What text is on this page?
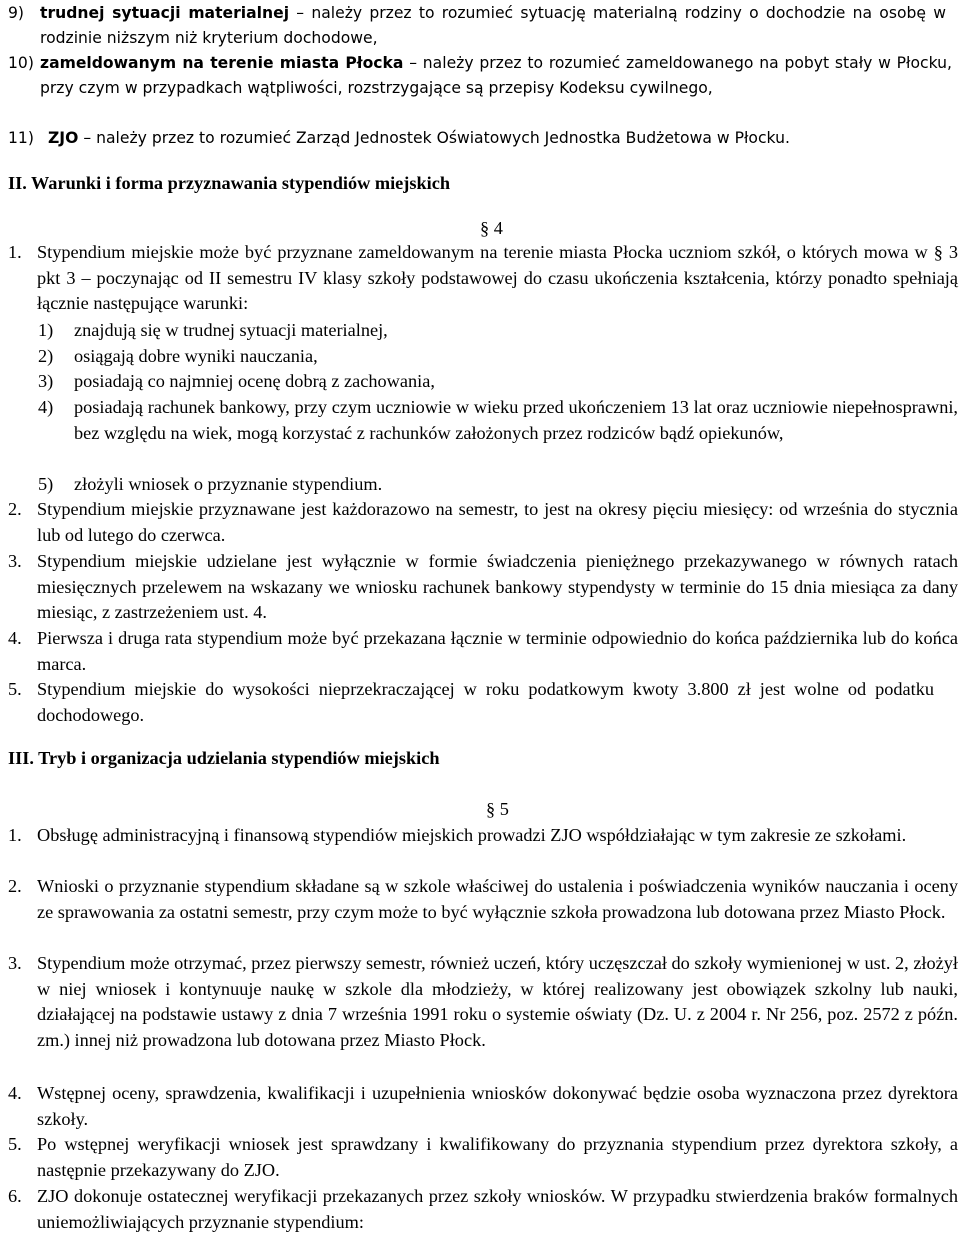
9)	trudnej sytuacji materialnej – należy przez to rozumieć sytuację materialną rodziny o dochodzie na osobę w rodzinie niższym niż kryterium dochodowe,
10) zameldowanym na terenie miasta Płocka – należy przez to rozumieć zameldowanego na pobyt stały w Płocku, przy czym w przypadkach wątpliwości, rozstrzygające są przepisy Kodeksu cywilnego,
11) ZJO – należy przez to rozumieć Zarząd Jednostek Oświatowych Jednostka Budżetowa w Płocku.
II. Warunki i forma przyznawania stypendiów miejskich
§ 4
1. Stypendium miejskie może być przyznane zameldowanym na terenie miasta Płocka uczniom szkół, o których mowa w § 3 pkt 3 – poczynając od II semestru IV klasy szkoły podstawowej do czasu ukończenia kształcenia, którzy ponadto spełniają łącznie następujące warunki:
1)	znajdują się w trudnej sytuacji materialnej,
2)	osiągają dobre wyniki nauczania,
3)	posiadają co najmniej ocenę dobrą z zachowania,
4)	posiadają rachunek bankowy, przy czym uczniowie w wieku przed ukończeniem 13 lat oraz uczniowie niepełnosprawni, bez względu na wiek, mogą korzystać z rachunków założonych przez rodziców bądź opiekunów,
5)	złożyli wniosek o przyznanie stypendium.
2. Stypendium miejskie przyznawane jest każdorazowo na semestr, to jest na okresy pięciu miesięcy: od września do stycznia lub od lutego do czerwca.
3. Stypendium miejskie udzielane jest wyłącznie w formie świadczenia pieniężnego przekazywanego w równych ratach miesięcznych przelewem na wskazany we wniosku rachunek bankowy stypendysty w terminie do 15 dnia miesiąca za dany miesiąc, z zastrzeżeniem ust. 4.
4. Pierwsza i druga rata stypendium może być przekazana łącznie w terminie odpowiednio do końca października lub do końca marca.
5. Stypendium miejskie do wysokości nieprzekraczającej w roku podatkowym kwoty 3.800 zł jest wolne od podatku dochodowego.
III. Tryb i organizacja udzielania stypendiów miejskich
§ 5
1. Obsługę administracyjną i finansową stypendiów miejskich prowadzi ZJO współdziałając w tym zakresie ze szkołami.
2. Wnioski o przyznanie stypendium składane są w szkole właściwej do ustalenia i poświadczenia wyników nauczania i oceny ze sprawowania za ostatni semestr, przy czym może to być wyłącznie szkoła prowadzona lub dotowana przez Miasto Płock.
3. Stypendium może otrzymać, przez pierwszy semestr, również uczeń, który uczęszczał do szkoły wymienionej w ust. 2, złożył w niej wniosek i kontynuuje naukę w szkole dla młodzieży, w której realizowany jest obowiązek szkolny lub nauki, działającej na podstawie ustawy z dnia 7 września 1991 roku o systemie oświaty (Dz. U. z 2004 r. Nr 256, poz. 2572 z późn. zm.) innej niż prowadzona lub dotowana przez Miasto Płock.
4. Wstępnej oceny, sprawdzenia, kwalifikacji i uzupełnienia wniosków dokonywać będzie osoba wyznaczona przez dyrektora szkoły.
5. Po wstępnej weryfikacji wniosek jest sprawdzany i kwalifikowany do przyznania stypendium przez dyrektora szkoły, a następnie przekazywany do ZJO.
6. ZJO dokonuje ostatecznej weryfikacji przekazanych przez szkoły wniosków. W przypadku stwierdzenia braków formalnych uniemożliwiających przyznanie stypendium:
